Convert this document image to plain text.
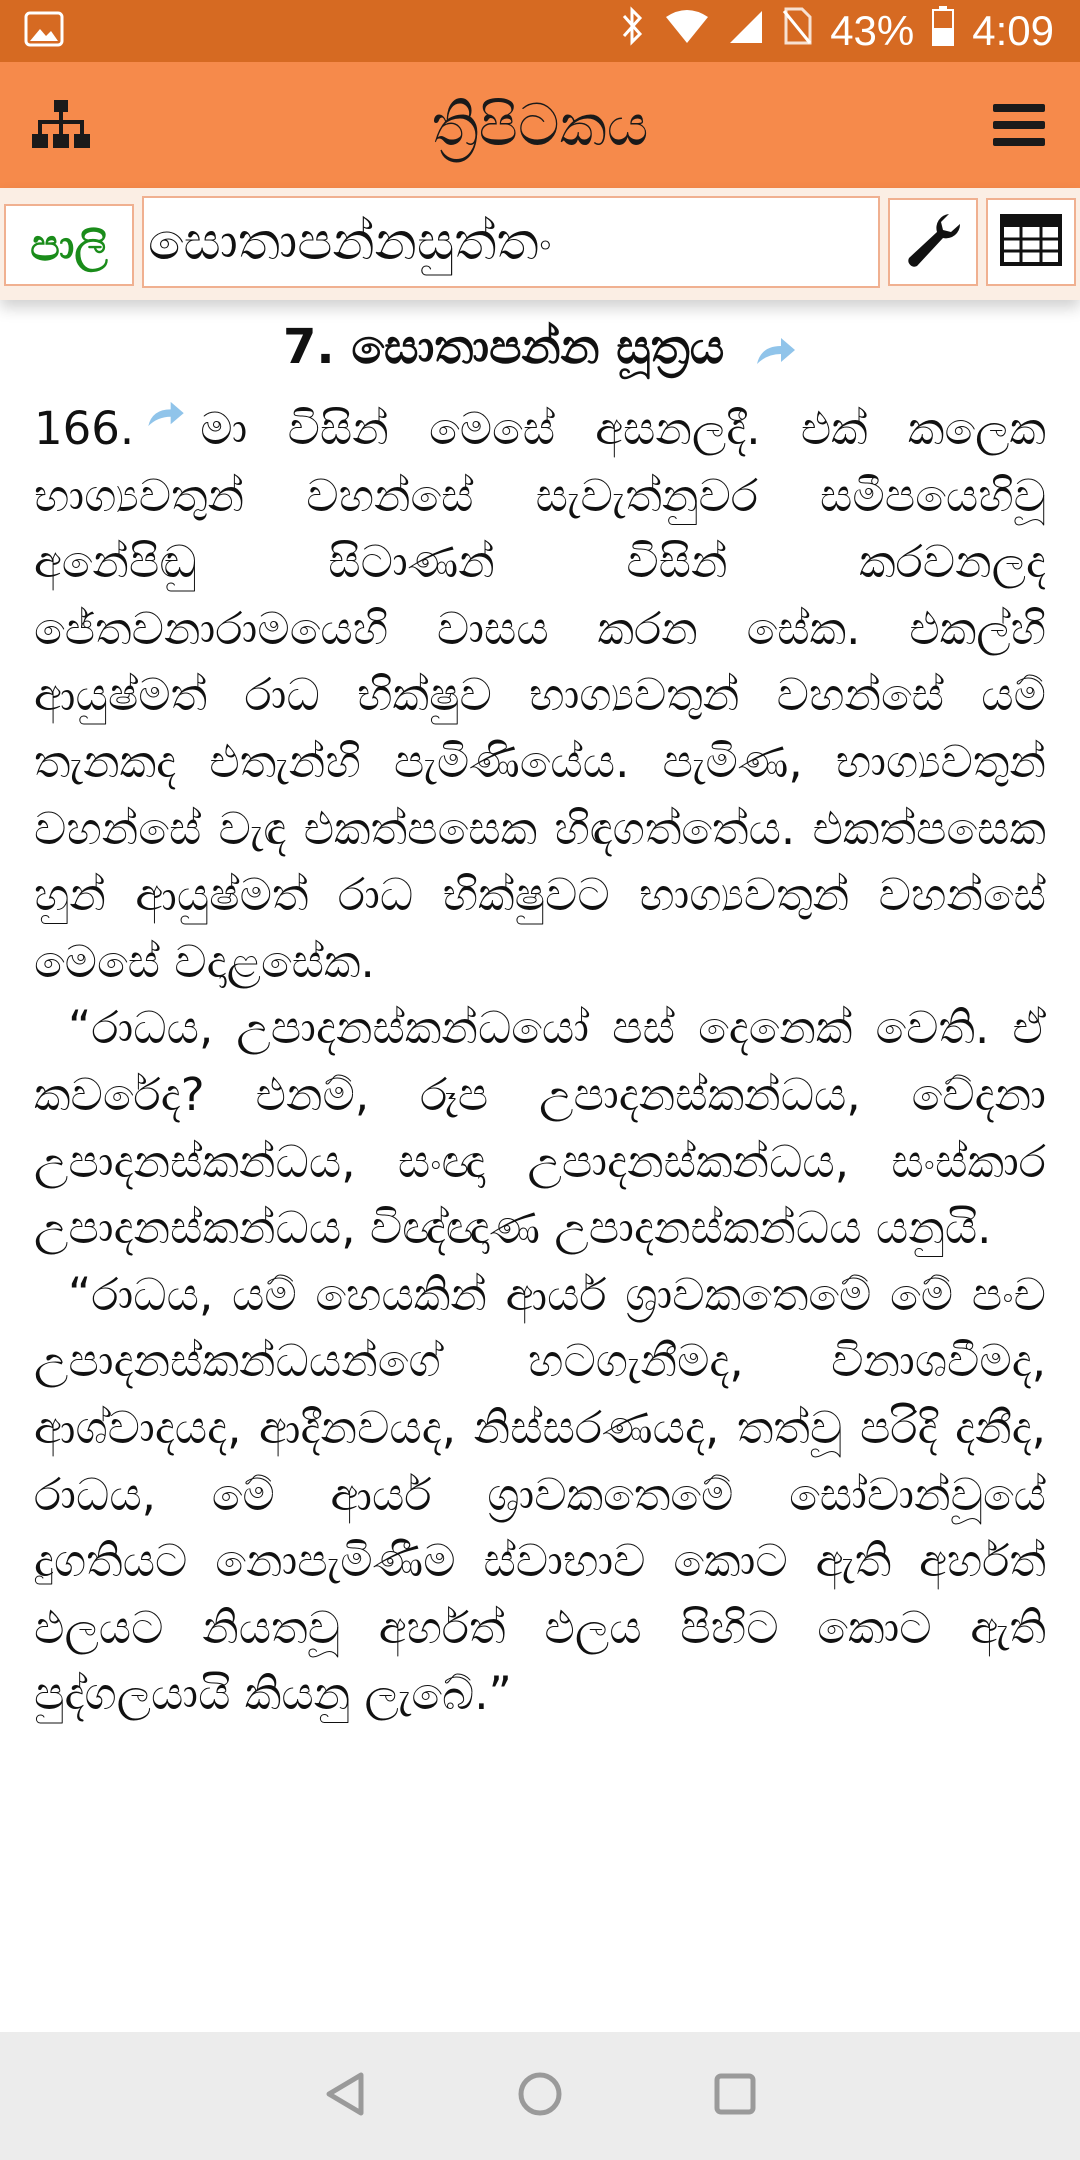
43% 4:09
ත්‍රිපිටකය
පාලි සොතාපන්නසුත්තං
7. සොතාපන්න සූත්‍රය

166. මා විසින් මෙසේ අසනලදී. එක් කලෙක භාග්‍යවතුන් වහන්සේ සැවැත්නුවර සමීපයෙහිවූ අනේපිඬු සිටාණන් විසින් කරවනලද ජේතවනාරාමයෙහි වාසය කරන සේක. එකල්හි ආයුෂ්මත් රාධ භික්ෂුව භාග්‍යවතුන් වහන්සේ යම් තැනකද එතැන්හි පැමිණියේය. පැමිණ, භාග්‍යවතුන් වහන්සේ වැඳ එකත්පසෙක හිඳගත්තේය. එකත්පසෙක හුන් ආයුෂ්මත් රාධ භික්ෂුවට භාග්‍යවතුන් වහන්සේ මෙසේ වදාළසේක.

“රාධය, උපාදනස්කන්ධයෝ පස් දෙනෙක් වෙති. ඒ කවරේද? එනම්, රූප උපාදනස්කන්ධය, වේදනා උපාදනස්කන්ධය, සංඥා උපාදනස්කන්ධය, සංස්කාර උපාදනස්කන්ධය, විඥ්ඥාණ උපාදනස්කන්ධය යනුයි.

“රාධය, යම් හෙයකින් ආර්ය ශ්‍රාවකතෙමේ මේ පංච උපාදනස්කන්ධයන්ගේ හටගැනීමද, විනාශවීමද, ආශ්වාදයද, ආදීනවයද, නිස්සරණයද, තත්වූ පරිදි දනීද, රාධය, මේ ආර්ය ශ්‍රාවකතෙමේ සෝවාන්වූයේ දුගතියට නොපැමිණීම ස්වාභාව කොට ඇති අර්හත් ඵලයට නියතවූ අර්හත් ඵලය පිහිට කොට ඇති පුද්ගලයායි කියනු ලැබේ.”
